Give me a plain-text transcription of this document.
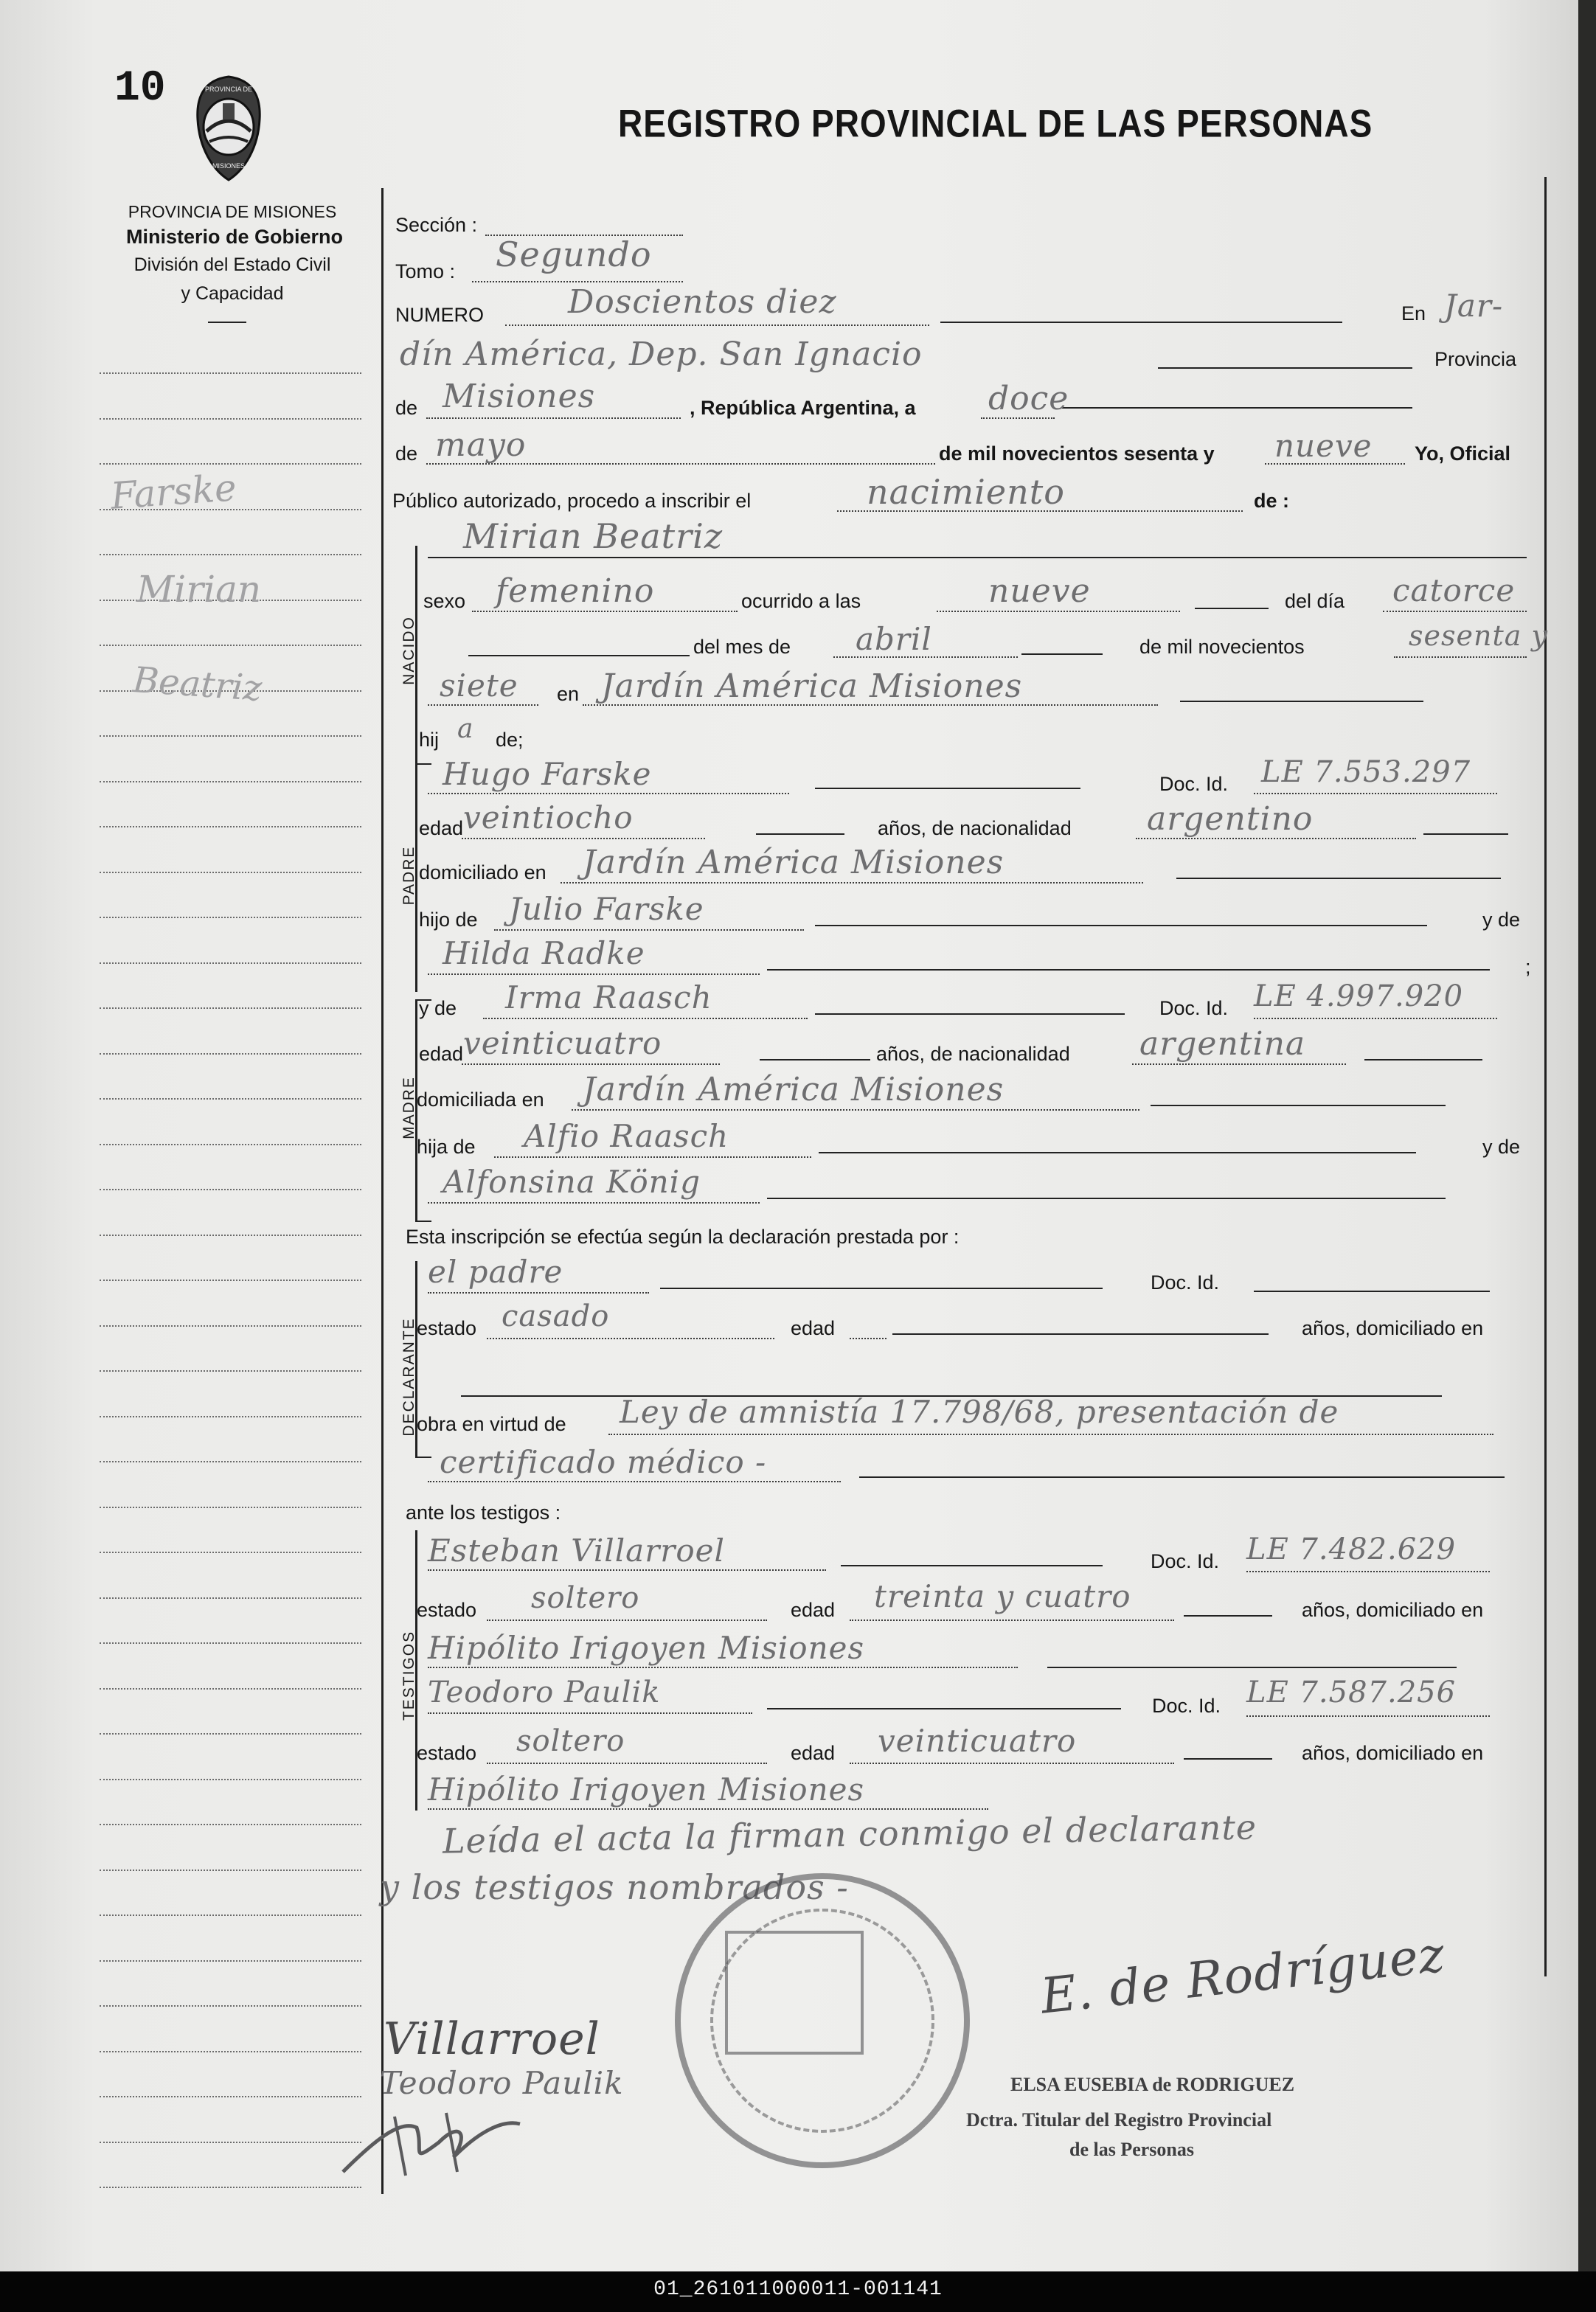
10	PROVINCIA DE
MISIONES
REGISTRO PROVINCIAL DE LAS PERSONAS
PROVINCIA DE MISIONES
Ministerio de Gobierno
División del Estado Civil
y Capacidad
Farske
Mirian
Beatriz	NACIDO
PADRE
MADRE
DECLARANTE
TESTIGOS
Sección :
Tomo : Segundo
NUMERO	Doscientos diez	En Jar-
dín América, Dep. San Ignacio	Provincia
de Misiones	, República Argentina, a doce
de mayo	de mil novecientos sesenta y nueve Yo, Oficial
Público autorizado, procedo a inscribir el	nacimiento	de :
Mirian Beatriz
sexo femenino	ocurrido a las	nueve	del día catorce
del mes de abril	de mil novecientos	sesenta y
siete en Jardín América Misiones
hij a de;
Hugo Farske	Doc. Id. LE 7.553.297
edad veintiocho	años, de nacionalidad argentino
domiciliado en Jardín América Misiones
hijo de Julio Farske	y de
Hilda Radke	;
y de Irma Raasch	Doc. Id. LE 4.997.920
edad veinticuatro	años, de nacionalidad argentina
domiciliada en Jardín América Misiones
hija de Alfio Raasch	y de
Alfonsina König
Esta inscripción se efectúa según la declaración prestada por :
el padre	Doc. Id.
estado casado	edad	años, domiciliado en
obra en virtud de Ley de amnistía 17.798/68, presentación de
certificado médico -
ante los testigos :
Esteban Villarroel	Doc. Id. LE 7.482.629
estado soltero	edad treinta y cuatro	años, domiciliado en
Hipólito Irigoyen Misiones
Teodoro Paulik	Doc. Id. LE 7.587.256
estado soltero	edad veinticuatro	años, domiciliado en
Hipólito Irigoyen Misiones
Leída el acta la firman conmigo el declarante
y los testigos nombrados -
Villarroel
Teodoro Paulik
E. de Rodríguez
ELSA EUSEBIA de RODRIGUEZ
Dctra. Titular del Registro Provincial
de las Personas
01_261011000011-001141
